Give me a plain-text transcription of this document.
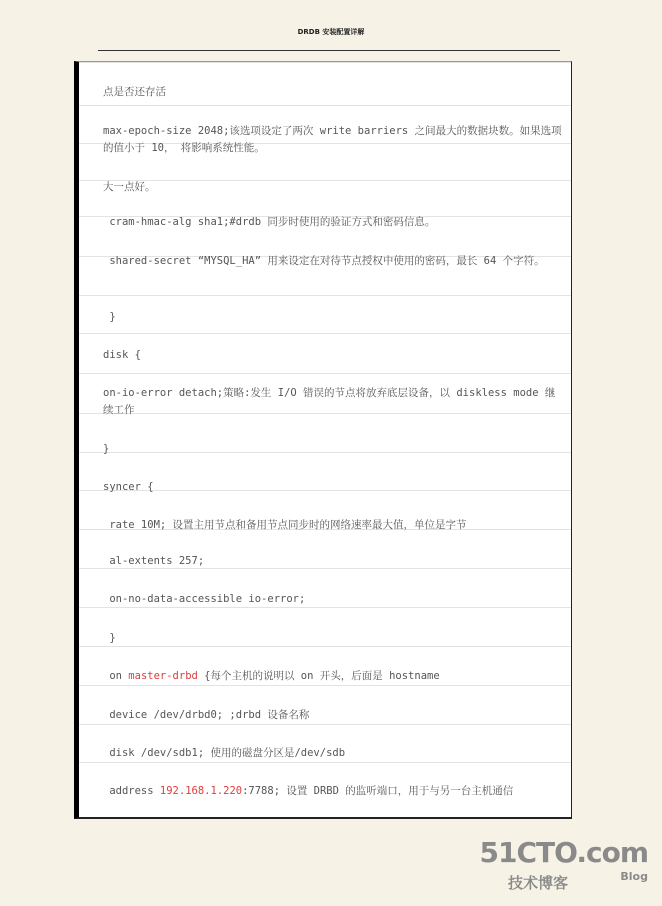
DRDB 安装配置详解
点是否还存活
max-epoch-size 2048;该选项设定了两次 write barriers 之间最大的数据块数。如果选项的值小于 10， 将影响系统性能。
大一点好。
cram-hmac-alg sha1;#drdb 同步时使用的验证方式和密码信息。
shared-secret “MYSQL_HA” 用来设定在对待节点授权中使用的密码，最长 64 个字符。
}
disk {
on-io-error detach;策略:发生 I/O 错误的节点将放弃底层设备，以 diskless mode 继续工作
}
syncer {
rate 10M; 设置主用节点和备用节点同步时的网络速率最大值，单位是字节
al-extents 257;
on-no-data-accessible io-error;
}
on master-drbd {每个主机的说明以 on 开头，后面是 hostname
device /dev/drbd0; ;drbd 设备名称
disk /dev/sdb1; 使用的磁盘分区是/dev/sdb
address 192.168.1.220:7788; 设置 DRBD 的监听端口，用于与另一台主机通信
51CTO.com
技术博客	Blog
